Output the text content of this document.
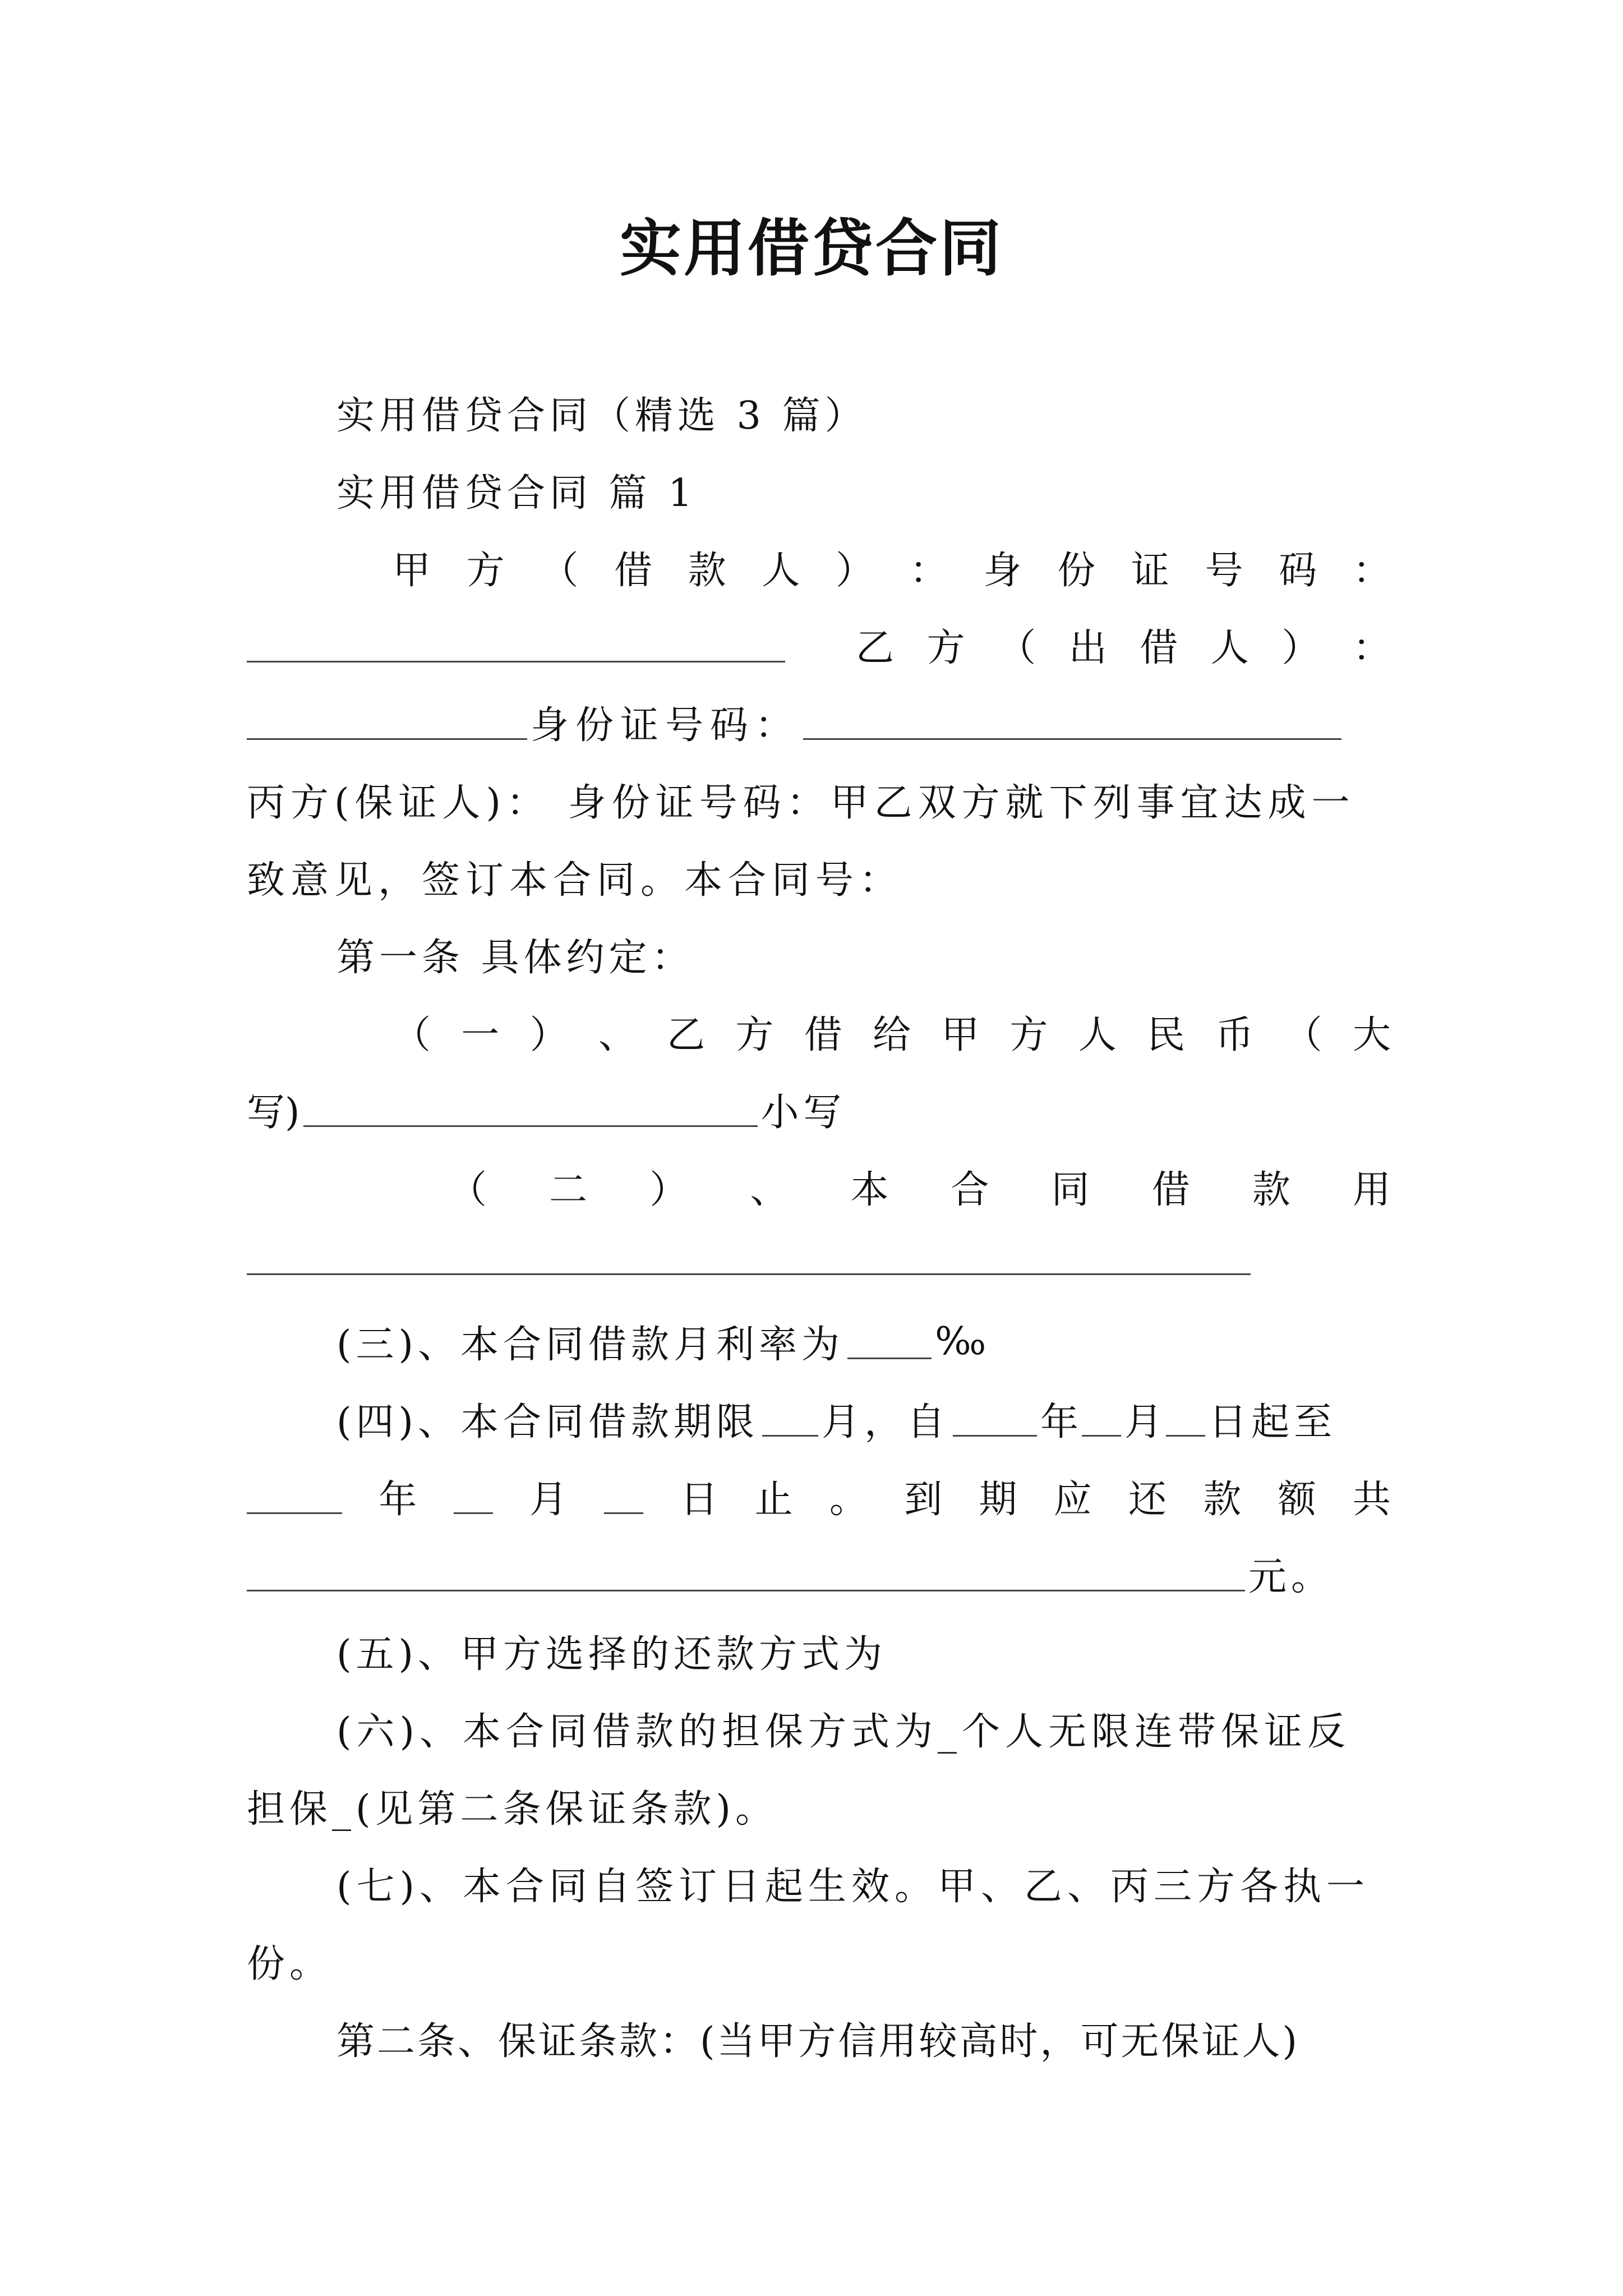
实用借贷合同
实用借贷合同（精选 3 篇）
实用借贷合同 篇 1
甲 方 （ 借 款 人 ） ： 身 份 证 号 码 ：
乙 方 （ 出 借 人 ） ：
身份证号码：
丙方(保证人)： 身份证号码：甲乙双方就下列事宜达成一
致意见，签订本合同。本合同号：
第一条 具体约定：
（ 一 ） 、 乙 方 借 给 甲 方 人 民 币 （ 大
写)	小写
（ 二 ） 、 本 合 同 借 款 用
(三)、本合同借款月利率为 ‰
(四)、本合同借款期限 月，自 年 月 日起至
年	月	日 止 。 到 期 应 还 款 额 共
元。
(五)、甲方选择的还款方式为
(六)、本合同借款的担保方式为_个人无限连带保证反
担保_(见第二条保证条款)。
(七)、本合同自签订日起生效。甲、乙、丙三方各执一
份。
第二条、保证条款：(当甲方信用较高时，可无保证人)
